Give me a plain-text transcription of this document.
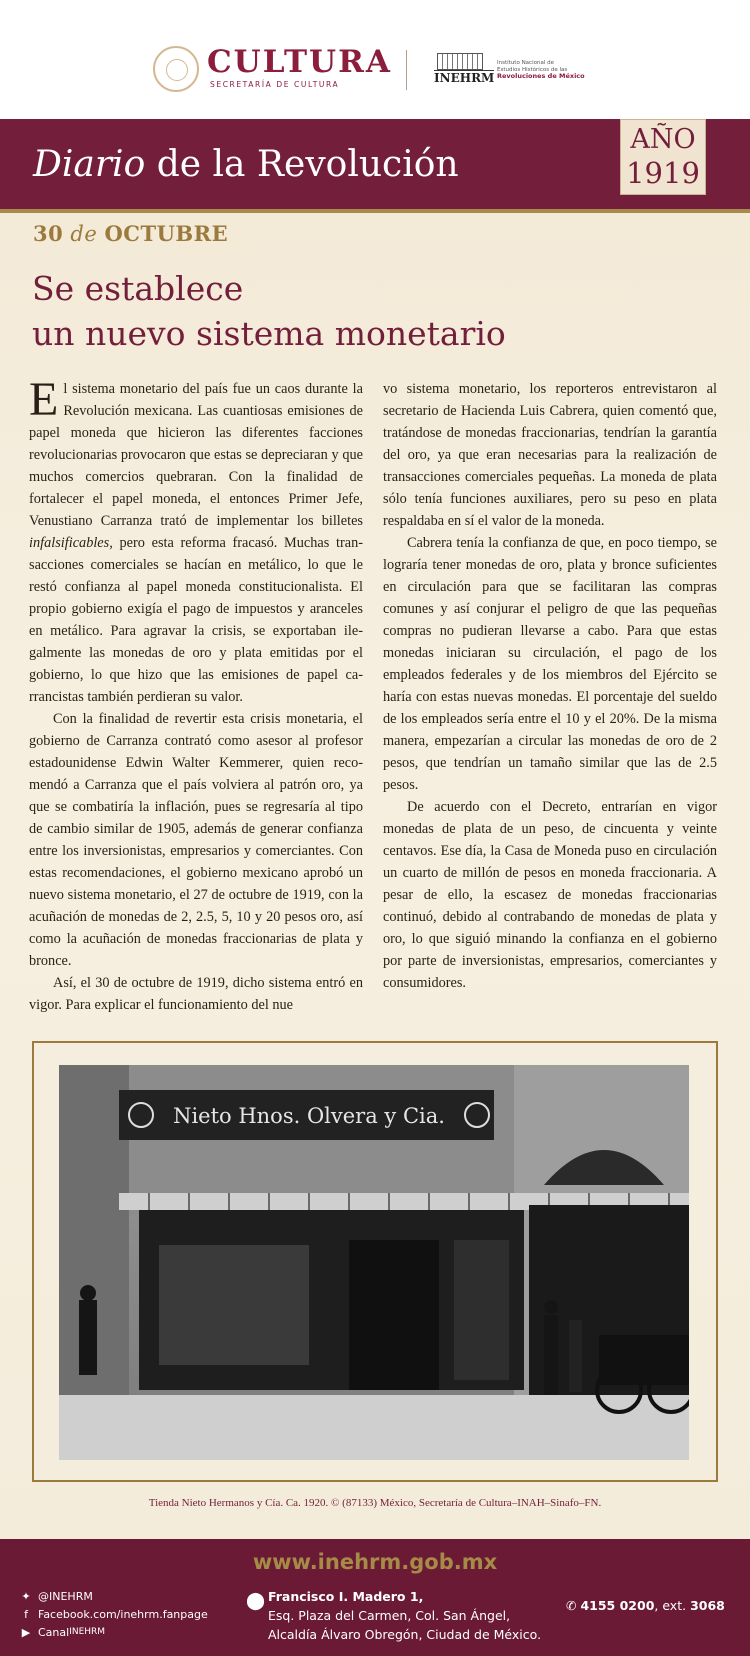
CULTURA
SECRETARÍA DE CULTURA	INEHRM
Instituto Nacional de
Estudios Históricos de las
Revoluciones de México
Diario de la Revolución
AÑO
1919
30 de OCTUBRE
Se establece
un nuevo sistema monetario

El sistema monetario del país fue un caos durante la Revolución mexicana. Las cuantiosas emisiones de papel moneda que hicieron las diferentes facciones revolucionarias provocaron que estas se depreciaran y que muchos comercios quebraran. Con la finalidad de fortalecer el papel moneda, el entonces Primer Jefe, Venustiano Carranza trató de implementar los billetes infalsificables, pero esta reforma fracasó. Muchas transacciones comerciales se hacían en metálico, lo que le restó confianza al papel moneda constitucionalista. El propio gobierno exigía el pago de impuestos y aranceles en metálico. Para agravar la crisis, se exportaban ilegalmente las monedas de oro y plata emitidas por el gobierno, lo que hizo que las emisiones de papel carrancistas también perdieran su valor.

Con la finalidad de revertir esta crisis monetaria, el gobierno de Carranza contrató como asesor al profesor estadounidense Edwin Walter Kemmerer, quien recomendó a Carranza que el país volviera al patrón oro, ya que se combatiría la inflación, pues se regresaría al tipo de cambio similar de 1905, además de generar confianza entre los inversionistas, empresarios y comerciantes. Con estas recomendaciones, el gobierno mexicano aprobó un nuevo sistema monetario, el 27 de octubre de 1919, con la acuñación de monedas de 2, 2.5, 5, 10 y 20 pesos oro, así como la acuñación de monedas fraccionarias de plata y bronce.

Así, el 30 de octubre de 1919, dicho sistema entró en vigor. Para explicar el funcionamiento del nue

vo sistema monetario, los reporteros entrevistaron al secretario de Hacienda Luis Cabrera, quien comentó que, tratándose de monedas fraccionarias, tendrían la garantía del oro, ya que eran necesarias para la realización de transacciones comerciales pequeñas. La moneda de plata sólo tenía funciones auxiliares, pero su peso en plata respaldaba en sí el valor de la moneda.

Cabrera tenía la confianza de que, en poco tiempo, se lograría tener monedas de oro, plata y bronce suficientes en circulación para que se facilitaran las compras comunes y así conjurar el peligro de que las pequeñas compras no pudieran llevarse a cabo. Para que estas monedas iniciaran su circulación, el pago de los empleados federales y de los miembros del Ejército se haría con estas nuevas monedas. El porcentaje del sueldo de los empleados sería entre el 10 y el 20%. De la misma manera, empezarían a circular las monedas de oro de 2 pesos, que tendrían un tamaño similar que las de 2.5 pesos.

De acuerdo con el Decreto, entrarían en vigor monedas de plata de un peso, de cincuenta y veinte centavos. Ese día, la Casa de Moneda puso en circulación un cuarto de millón de pesos en moneda fraccionaria. A pesar de ello, la escasez de monedas fraccionarias continuó, debido al contrabando de monedas de plata y oro, lo que siguió minando la confianza en el gobierno por parte de inversionistas, empresarios, comerciantes y consumidores.

Nieto Hnos. Olvera y Cia.
Tienda Nieto Hermanos y Cía. Ca. 1920. © (87133) México, Secretaría de Cultura–INAH–Sinafo–FN.
www.inehrm.gob.mx
✦ @INEHRM
f Facebook.com/inehrm.fanpage
▶ Canal INEHRM
⬤ Francisco I. Madero 1,
Esq. Plaza del Carmen, Col. San Ángel,
Alcaldía Álvaro Obregón, Ciudad de México.
✆ 4155 0200, ext. 3068
